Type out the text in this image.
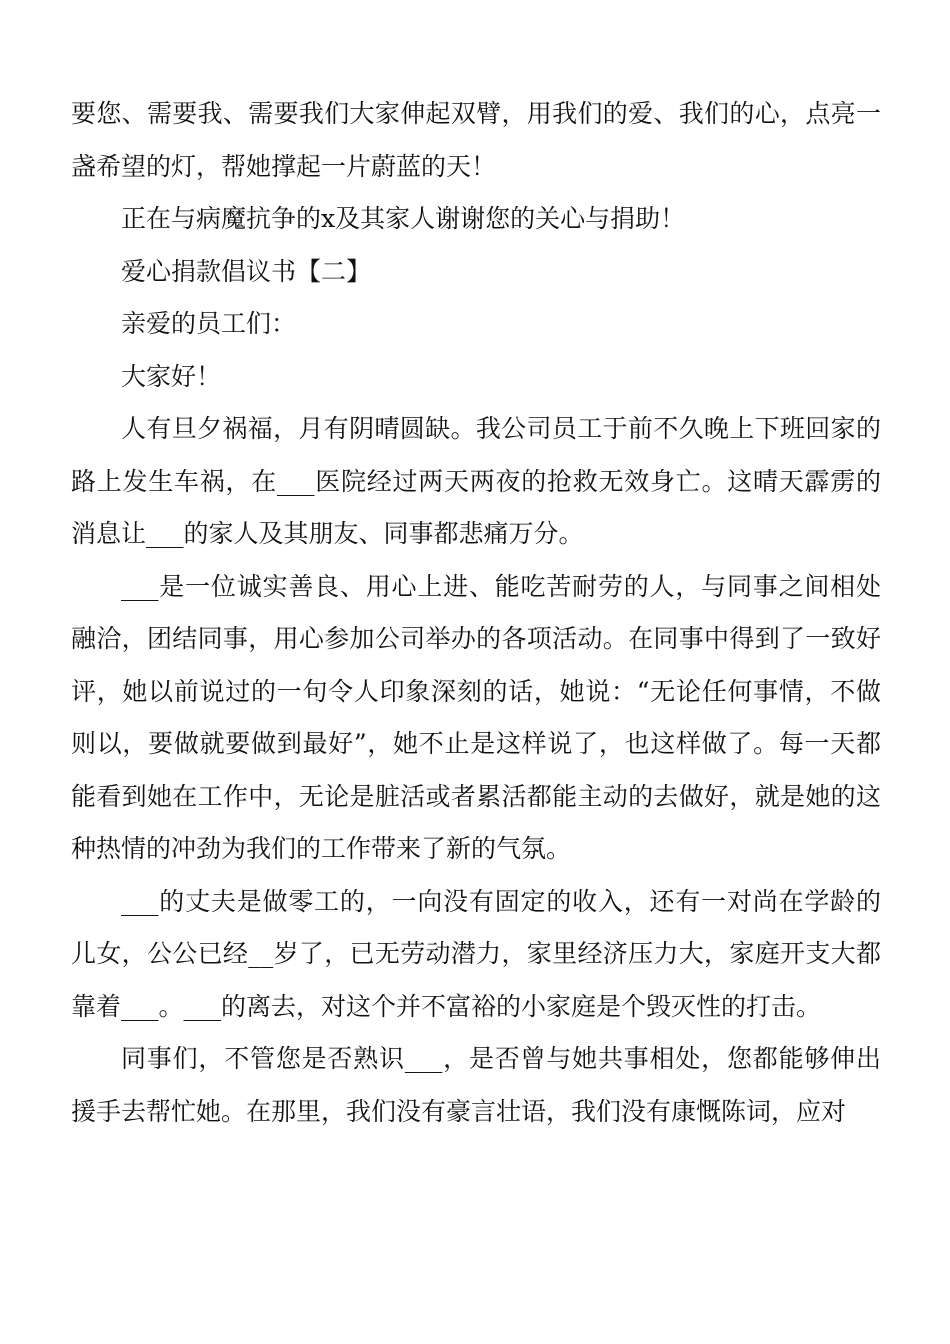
要您、需要我、需要我们大家伸起双臂，用我们的爱、我们的心，点亮一盏希望的灯，帮她撑起一片蔚蓝的天！

正在与病魔抗争的x及其家人谢谢您的关心与捐助！

爱心捐款倡议书【二】

亲爱的员工们：

大家好！

人有旦夕祸福，月有阴晴圆缺。我公司员工于前不久晚上下班回家的路上发生车祸，在___医院经过两天两夜的抢救无效身亡。这晴天霹雳的消息让___的家人及其朋友、同事都悲痛万分。

___是一位诚实善良、用心上进、能吃苦耐劳的人，与同事之间相处融洽，团结同事，用心参加公司举办的各项活动。在同事中得到了一致好评，她以前说过的一句令人印象深刻的话，她说：“无论任何事情，不做则以，要做就要做到最好”，她不止是这样说了，也这样做了。每一天都能看到她在工作中，无论是脏活或者累活都能主动的去做好，就是她的这种热情的冲劲为我们的工作带来了新的气氛。

___的丈夫是做零工的，一向没有固定的收入，还有一对尚在学龄的儿女，公公已经__岁了，已无劳动潜力，家里经济压力大，家庭开支大都靠着___。___的离去，对这个并不富裕的小家庭是个毁灭性的打击。

同事们，不管您是否熟识___，是否曾与她共事相处，您都能够伸出援手去帮忙她。在那里，我们没有豪言壮语，我们没有康慨陈词，应对
